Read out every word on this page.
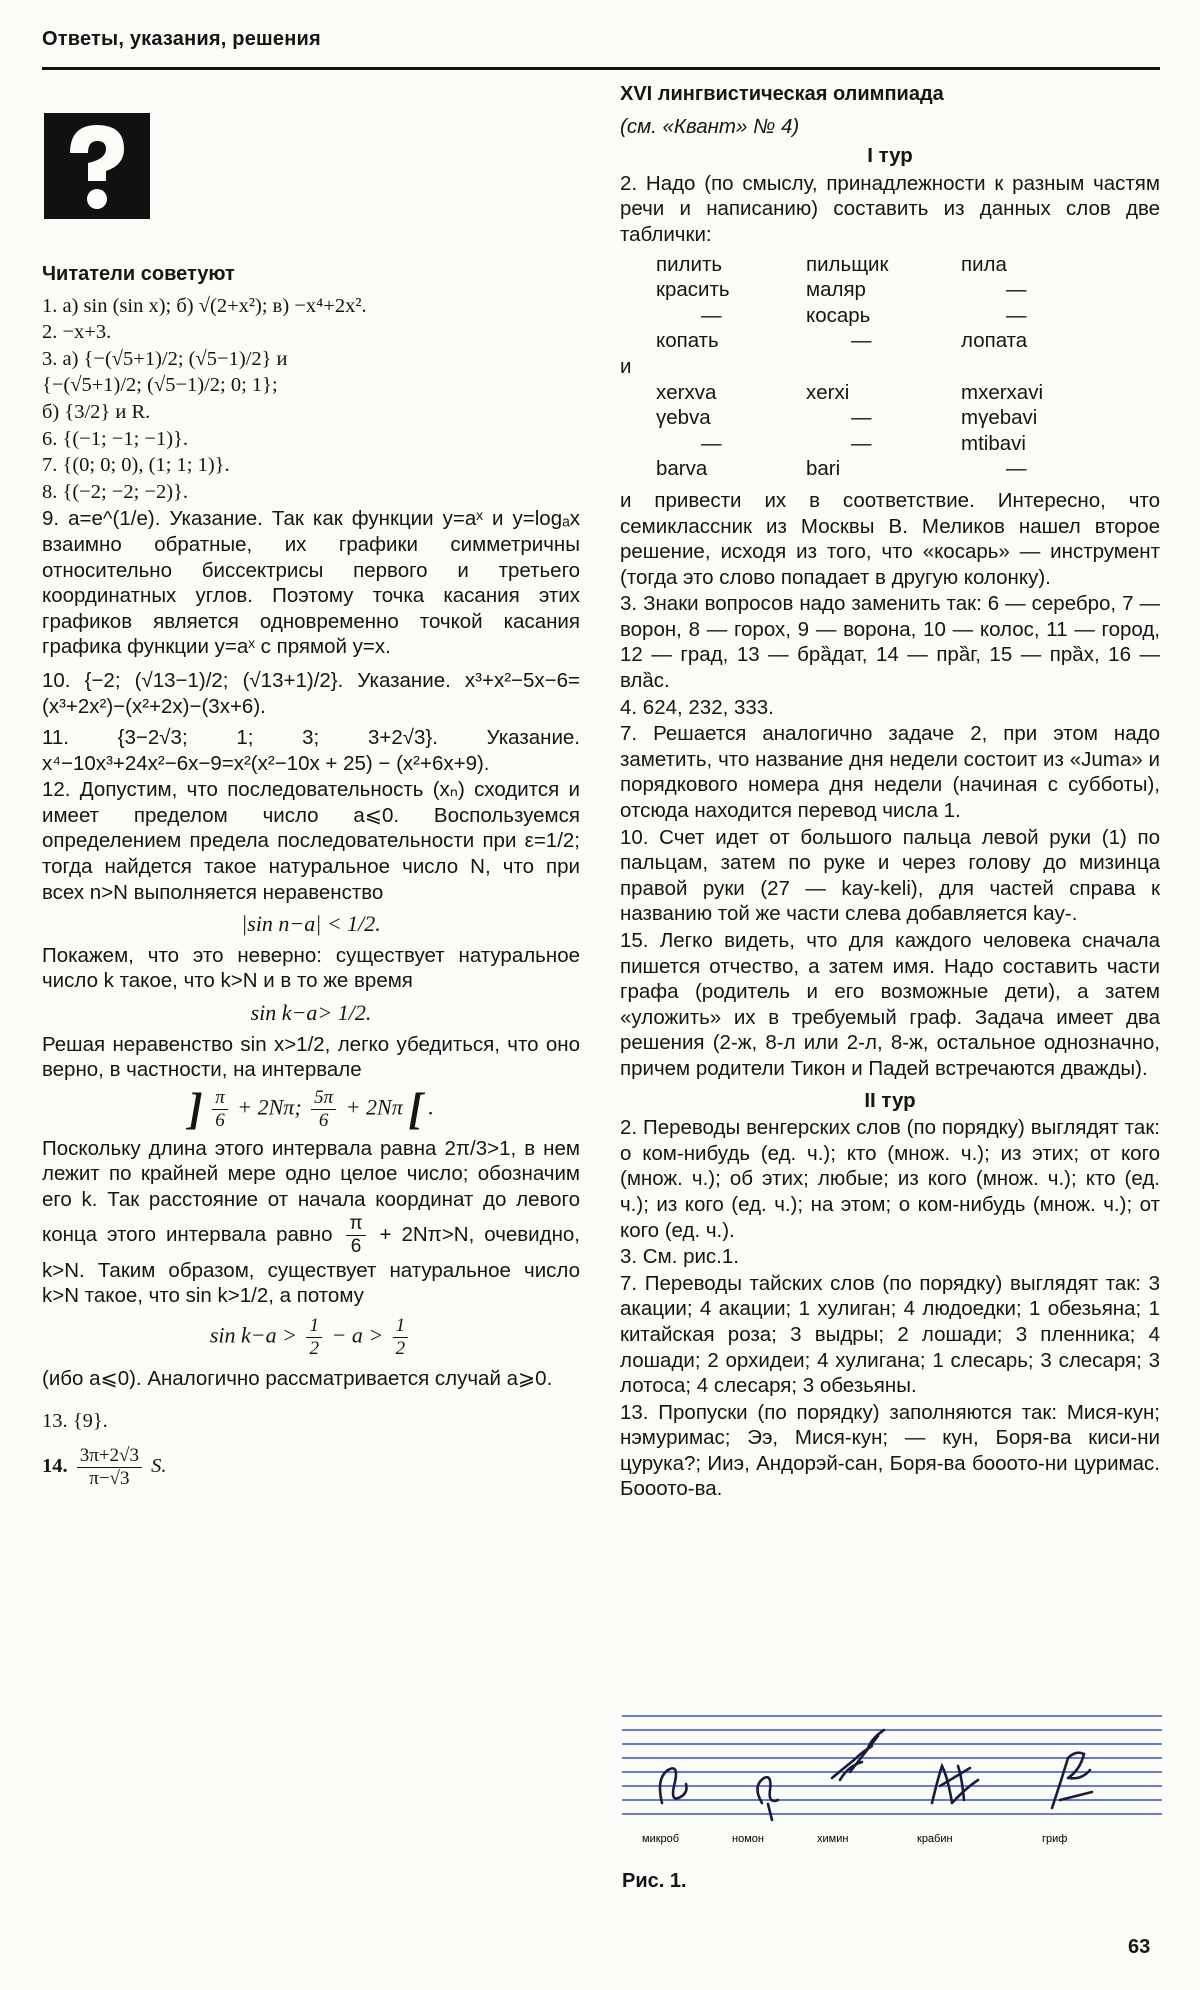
Ответы, указания, решения
Читатели советуют
1. а) sin (sin x); б) √(2+x²); в) −x⁴+2x².
2. −x+3.
3. а) {−(√5+1)/2; (√5−1)/2} и
{−(√5+1)/2; (√5−1)/2; 0; 1};
б) {3/2} и R.
6. {(−1; −1; −1)}.
7. {(0; 0; 0), (1; 1; 1)}.
8. {(−2; −2; −2)}.
9. a=e^(1/e). Указание. Так как функции y=aˣ и y=logₐx взаимно обратные, их графики симметричны относительно биссектрисы первого и третьего координатных углов. Поэтому точка касания этих графиков является одновременно точкой касания графика функции y=aˣ с прямой y=x.
10. {−2; (√13−1)/2; (√13+1)/2}. Указание. x³+x²−5x−6=(x³+2x²)−(x²+2x)−(3x+6).
11. {3−2√3; 1; 3; 3+2√3}. Указание. x⁴−10x³+24x²−6x−9=x²(x²−10x + 25) − (x²+6x+9).
12. Допустим, что последовательность (xₙ) сходится и имеет пределом число a⩽0. Воспользуемся определением предела последовательности при ε=1/2; тогда найдется такое натуральное число N, что при всех n>N выполняется неравенство
|sin n−a| < 1/2.
Покажем, что это неверно: существует натуральное число k такое, что k>N и в то же время
sin k−a> 1/2.
Решая неравенство sin x>1/2, легко убедиться, что оно верно, в частности, на интервале
] $\frac{\pi}{6} + 2N\pi$; $\frac{5\pi}{6} + 2N\pi$ [ .
Поскольку длина этого интервала равна 2π/3>1, в нем лежит по крайней мере одно целое число; обозначим его k. Так расстояние от начала координат до левого конца этого интервала равно $\frac{\pi}{6} + 2N\pi>N$, очевидно, k>N. Таким образом, существует натуральное число k>N такое, что sin k>1/2, а потому
$\sin k-a > \frac{1}{2} - a > \frac{1}{2}$
(ибо a⩽0). Аналогично рассматривается случай a⩾0.
13. {9}.
14. $\frac{3\pi+2√3}{\pi-√3} S$.
XVI лингвистическая олимпиада
(см. «Квант» № 4)
I тур
2. Надо (по смыслу, принадлежности к разным частям речи и написанию) составить из данных слов две таблички:
пилить	пильщик	пила
красить	маляр	—
—	косарь	—
копать	—	лопата
и
xerxva	xerxi	mxerxavi
γebva	—	mγebavi
—	—	mtibavi
barva	bari	—
и привести их в соответствие. Интересно, что семиклассник из Москвы В. Меликов нашел второе решение, исходя из того, что «косарь» — инструмент (тогда это слово попадает в другую колонку).
3. Знаки вопросов надо заменить так: 6 — серебро, 7 — ворон, 8 — горох, 9 — ворона, 10 — колос, 11 — город, 12 — град, 13 — брȁдат, 14 — прȁг, 15 — прȁх, 16 — влȁс.
4. 624, 232, 333.
7. Решается аналогично задаче 2, при этом надо заметить, что название дня недели состоит из «Juma» и порядкового номера дня недели (начиная с субботы), отсюда находится перевод числа 1.
10. Счет идет от большого пальца левой руки (1) по пальцам, затем по руке и через голову до мизинца правой руки (27 — kay-keli), для частей справа к названию той же части слева добавляется kay-.
15. Легко видеть, что для каждого человека сначала пишется отчество, а затем имя. Надо составить части графа (родитель и его возможные дети), а затем «уложить» их в требуемый граф. Задача имеет два решения (2-ж, 8-л или 2-л, 8-ж, остальное однозначно, причем родители Тикон и Падей встречаются дважды).
II тур
2. Переводы венгерских слов (по порядку) выглядят так: о ком-нибудь (ед. ч.); кто (множ. ч.); из этих; от кого (множ. ч.); об этих; любые; из кого (множ. ч.); кто (ед. ч.); из кого (ед. ч.); на этом; о ком-нибудь (множ. ч.); от кого (ед. ч.).
3. См. рис.1.
7. Переводы тайских слов (по порядку) выглядят так: 3 акации; 4 акации; 1 хулиган; 4 людоедки; 1 обезьяна; 1 китайская роза; 3 выдры; 2 лошади; 3 пленника; 4 лошади; 2 орхидеи; 4 хулигана; 1 слесарь; 3 слесаря; 3 лотоса; 4 слесаря; 3 обезьяны.
13. Пропуски (по порядку) заполняются так: Мися-кун; нэмуримас; Ээ, Мися-кун; — кун, Боря-ва киси-ни цурука?; Ииэ, Андорэй-сан, Боря-ва бооото-ни цуримас. Бооото-ва.
микроб	номон	химин	крабин	гриф
Рис. 1.
63
